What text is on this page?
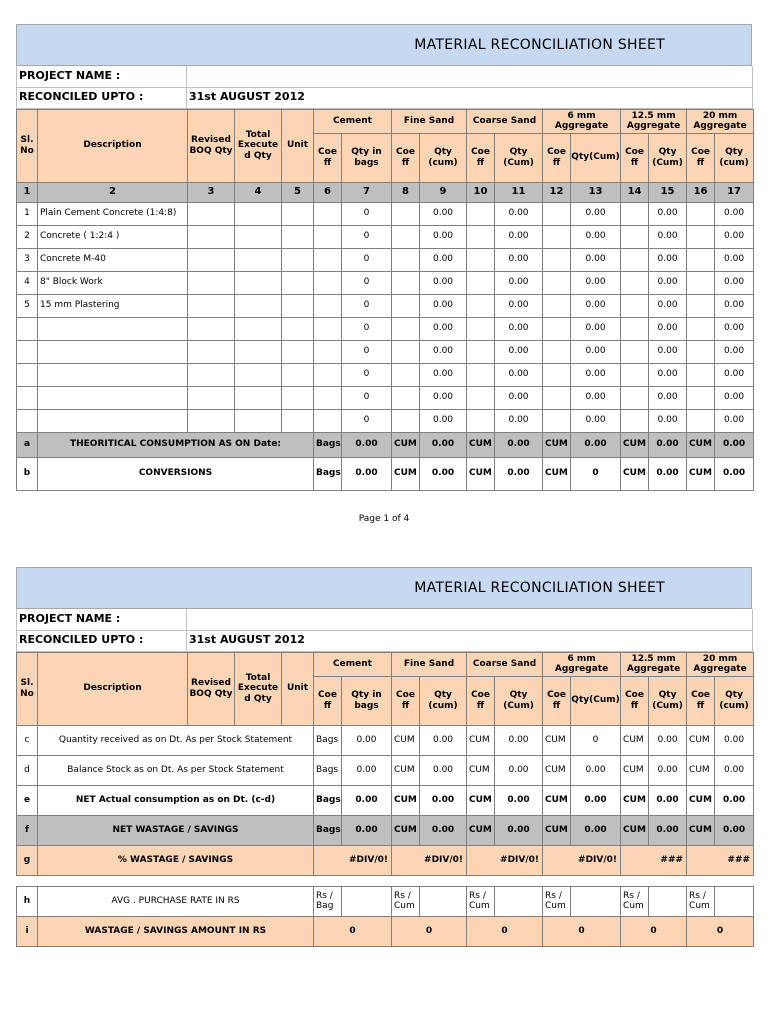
MATERIAL RECONCILIATION SHEET
PROJECT NAME :	
RECONCILED UPTO :	31st AUGUST 2012
Sl. No	Description	Revised BOQ Qty	Total Execute d Qty	Unit	Cement		Fine Sand		Coarse Sand		6 mm Aggregate		12.5 mm Aggregate		20 mm Aggregate	
					Coe ff	Qty in bags	Coe ff	Qty (cum)	Coe ff	Qty (Cum)	Coe ff	Qty(Cum)	Coe ff	Qty (Cum)	Coe ff	Qty (cum)
1	2	3	4	5	6	7	8	9	10	11	12	13	14	15	16	17
1	Plain Cement Concrete (1:4:8)					0		0.00		0.00		0.00		0.00		0.00
2	Concrete ( 1:2:4 )					0		0.00		0.00		0.00		0.00		0.00
3	Concrete M-40					0		0.00		0.00		0.00		0.00		0.00
4	8" Block Work					0		0.00		0.00		0.00		0.00		0.00
5	15 mm Plastering					0		0.00		0.00		0.00		0.00		0.00
						0		0.00		0.00		0.00		0.00		0.00
						0		0.00		0.00		0.00		0.00		0.00
						0		0.00		0.00		0.00		0.00		0.00
						0		0.00		0.00		0.00		0.00		0.00
						0		0.00		0.00		0.00		0.00		0.00
a	THEORITICAL CONSUMPTION AS ON Date:				Bags	0.00	CUM	0.00	CUM	0.00	CUM	0.00	CUM	0.00	CUM	0.00
b	CONVERSIONS				Bags	0.00	CUM	0.00	CUM	0.00	CUM	0	CUM	0.00	CUM	0.00
Page 1 of 4
MATERIAL RECONCILIATION SHEET
PROJECT NAME :	
RECONCILED UPTO :	31st AUGUST 2012
Sl. No	Description	Revised BOQ Qty	Total Execute d Qty	Unit	Cement		Fine Sand		Coarse Sand		6 mm Aggregate		12.5 mm Aggregate		20 mm Aggregate	
					Coe ff	Qty in bags	Coe ff	Qty (cum)	Coe ff	Qty (Cum)	Coe ff	Qty(Cum)	Coe ff	Qty (Cum)	Coe ff	Qty (cum)
c	Quantity received as on Dt. As per Stock Statement				Bags	0.00	CUM	0.00	CUM	0.00	CUM	0	CUM	0.00	CUM	0.00
d	Balance Stock as on Dt. As per Stock Statement				Bags	0.00	CUM	0.00	CUM	0.00	CUM	0.00	CUM	0.00	CUM	0.00
e	NET Actual consumption as on Dt. (c-d)				Bags	0.00	CUM	0.00	CUM	0.00	CUM	0.00	CUM	0.00	CUM	0.00
f	NET WASTAGE / SAVINGS				Bags	0.00	CUM	0.00	CUM	0.00	CUM	0.00	CUM	0.00	CUM	0.00
g	% WASTAGE / SAVINGS				#DIV/0!		#DIV/0!		#DIV/0!		#DIV/0!		###		###	

h	AVG . PURCHASE RATE IN RS				Rs / Bag		Rs / Cum		Rs / Cum		Rs / Cum		Rs / Cum		Rs / Cum	
i	WASTAGE / SAVINGS AMOUNT IN RS				0		0		0		0		0		0	
